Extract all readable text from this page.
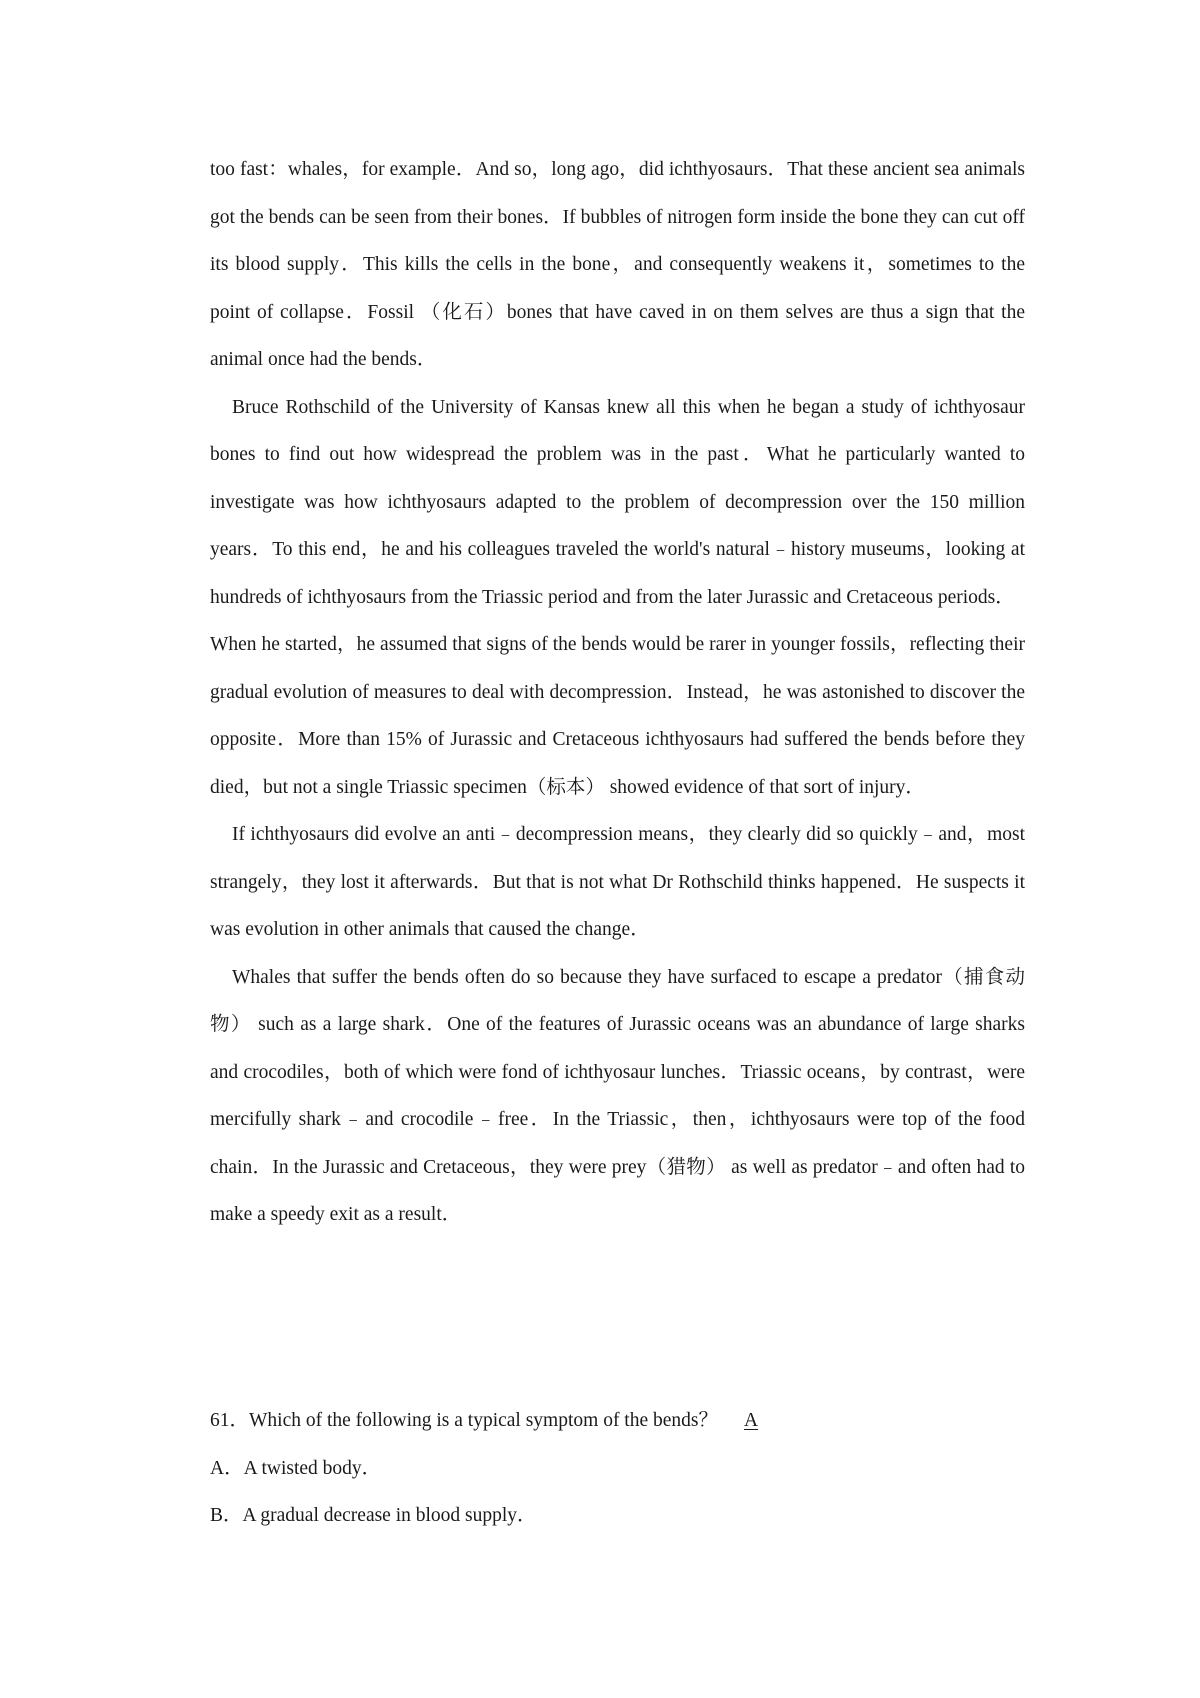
too fast：whales，for example．And so，long ago，did ichthyosaurs．That these ancient sea animals got the bends can be seen from their bones．If bubbles of nitrogen form inside the bone they can cut off its blood supply．This kills the cells in the bone，and consequently weakens it，sometimes to the point of collapse．Fossil （化石）bones that have caved in on them selves are thus a sign that the animal once had the bends．

Bruce Rothschild of the University of Kansas knew all this when he began a study of ichthyosaur bones to find out how widespread the problem was in the past．What he particularly wanted to investigate was how ichthyosaurs adapted to the problem of decompression over the 150 million years．To this end，he and his colleagues traveled the world's natural﹣history museums，looking at hundreds of ichthyosaurs from the Triassic period and from the later Jurassic and Cretaceous periods．

When he started，he assumed that signs of the bends would be rarer in younger fossils，reflecting their gradual evolution of measures to deal with decompression．Instead，he was astonished to discover the opposite．More than 15% of Jurassic and Cretaceous ichthyosaurs had suffered the bends before they died，but not a single Triassic specimen（标本） showed evidence of that sort of injury．

If ichthyosaurs did evolve an anti﹣decompression means，they clearly did so quickly﹣and，most strangely，they lost it afterwards．But that is not what Dr Rothschild thinks happened．He suspects it was evolution in other animals that caused the change．

Whales that suffer the bends often do so because they have surfaced to escape a predator（捕食动物） such as a large shark．One of the features of Jurassic oceans was an abundance of large sharks and crocodiles，both of which were fond of ichthyosaur lunches．Triassic oceans，by contrast，were mercifully shark﹣and crocodile﹣free．In the Triassic，then，ichthyosaurs were top of the food chain．In the Jurassic and Cretaceous，they were prey（猎物） as well as predator﹣and often had to make a speedy exit as a result．

61．Which of the following is a typical symptom of the bends？ A

A．A twisted body．

B．A gradual decrease in blood supply．
